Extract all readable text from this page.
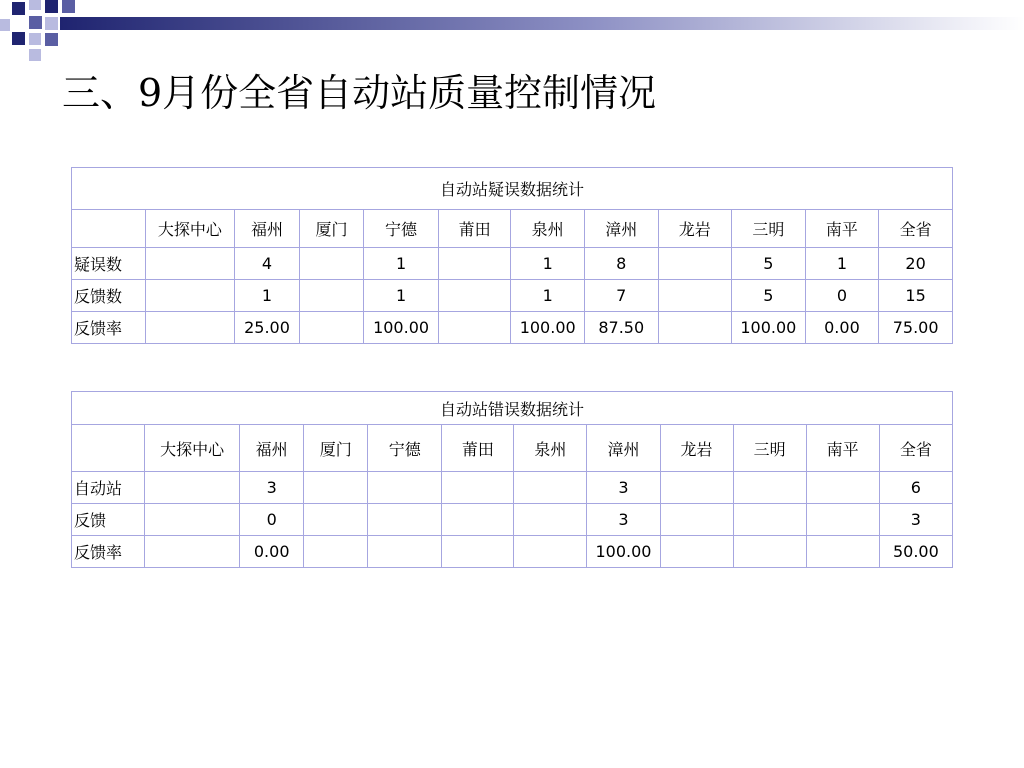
三、9月份全省自动站质量控制情况
自动站疑误数据统计											
	大探中心	福州	厦门	宁德	莆田	泉州	漳州	龙岩	三明	南平	全省
疑误数		4		1		1	8		5	1	20
反馈数		1		1		1	7		5	0	15
反馈率		25.00		100.00		100.00	87.50		100.00	0.00	75.00
自动站错误数据统计											
	大探中心	福州	厦门	宁德	莆田	泉州	漳州	龙岩	三明	南平	全省
自动站		3					3				6
反馈		0					3				3
反馈率		0.00					100.00				50.00
